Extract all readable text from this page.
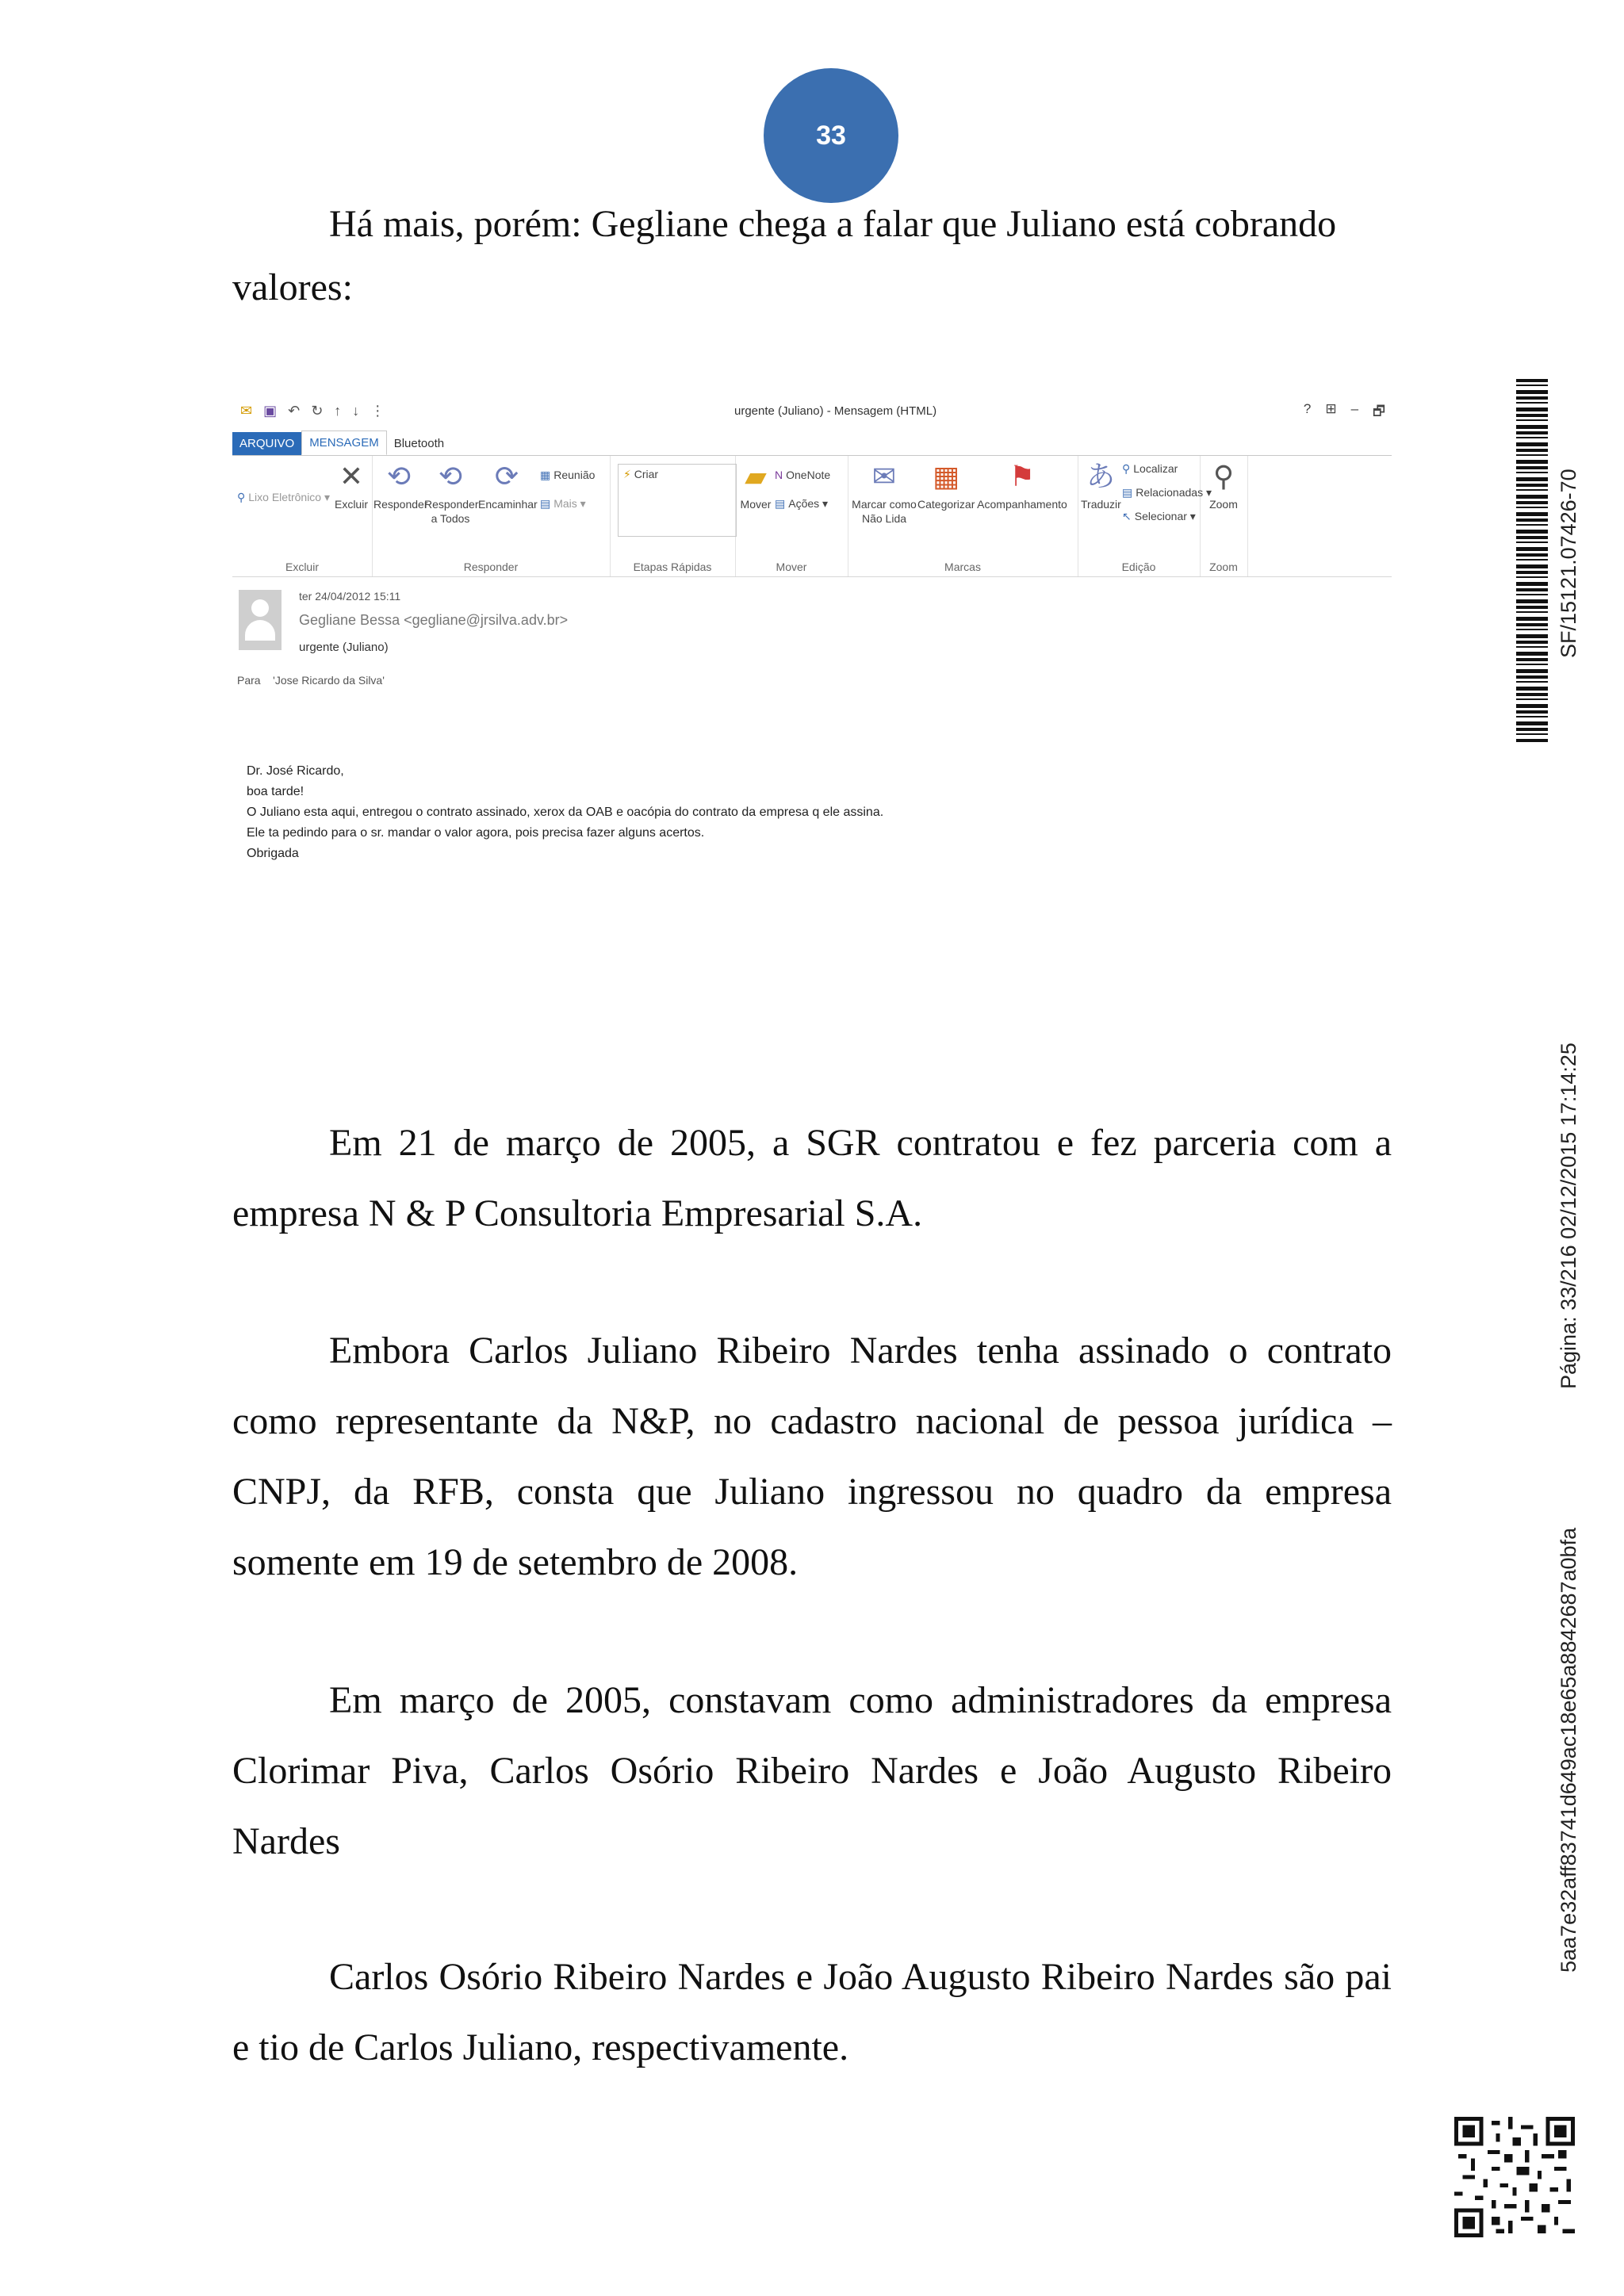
33

Há mais, porém: Gegliane chega a falar que Juliano está cobrando

valores:

✉ ▣ ↶ ↻ ↑ ↓ ⋮	urgente (Juliano) - Mensagem (HTML)	? ⊞ – 🗗
ARQUIVO	MENSAGEM	Bluetooth
⚲ Lixo Eletrônico ▾
✕
Excluir
Excluir
⟲
Responder
⟲
Responder a Todos
⟳
Encaminhar
▦ Reunião
▤ Mais ▾
Responder
⚡ Criar
Etapas Rápidas
▰
Mover
N OneNote
▤ Ações ▾
Mover
✉
Marcar como Não Lida
▦
Categorizar
⚑
Acompanhamento
Marcas
あ
Traduzir
⚲ Localizar
▤ Relacionadas ▾
↖ Selecionar ▾
Edição
⚲
Zoom
Zoom
ter 24/04/2012 15:11
Gegliane Bessa <gegliane@jrsilva.adv.br>
urgente (Juliano)
Para 'Jose Ricardo da Silva'
Dr. José Ricardo,
boa tarde!
O Juliano esta aqui, entregou o contrato assinado, xerox da OAB e oacópia do contrato da empresa q ele assina.
Ele ta pedindo para o sr. mandar o valor agora, pois precisa fazer alguns acertos.
Obrigada

Em 21 de março de 2005, a SGR contratou e fez parceria com a empresa N & P Consultoria Empresarial S.A.

Embora Carlos Juliano Ribeiro Nardes tenha assinado o contrato como representante da N&P, no cadastro nacional de pessoa jurídica – CNPJ, da RFB, consta que Juliano ingressou no quadro da empresa somente em 19 de setembro de 2008.

Em março de 2005, constavam como administradores da empresa Clorimar Piva, Carlos Osório Ribeiro Nardes e João Augusto Ribeiro Nardes

Carlos Osório Ribeiro Nardes e João Augusto Ribeiro Nardes são pai e tio de Carlos Juliano, respectivamente.

SF/15121.07426-70
Página: 33/216 02/12/2015 17:14:25
5aa7e32aff83741d649ac18e65a8842687a0bfa
